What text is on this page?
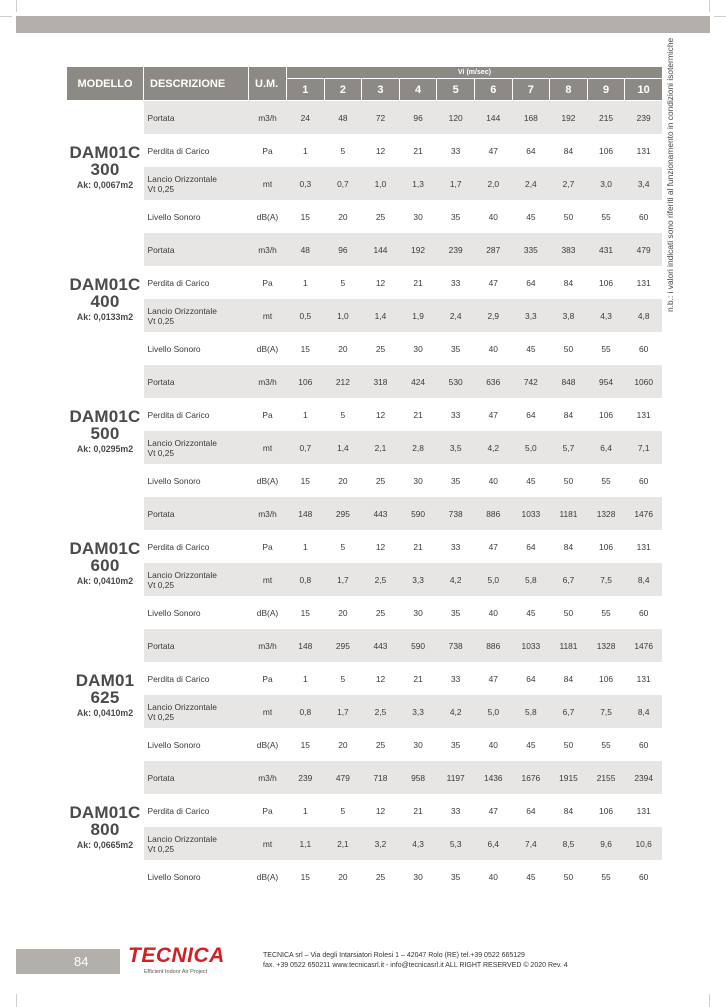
n.b.: i valori indicati sono riferiti al funzionamento in condizioni isotermiche
MODELLO	DESCRIZIONE	U.M.	Vi (m/sec)									
			1	2	3	4	5	6	7	8	9	10

DAM01C
300
Ak: 0,0067m2	Portata	m3/h	24	48	72	96	120	144	168	192	215	239

	Perdita di Carico	Pa	1	5	12	21	33	47	64	84	106	131

	Lancio Orizzontale
Vt 0,25	mt	0,3	0,7	1,0	1,3	1,7	2,0	2,4	2,7	3,0	3,4

	Livello Sonoro	dB(A)	15	20	25	30	35	40	45	50	55	60

DAM01C
400
Ak: 0,0133m2	Portata	m3/h	48	96	144	192	239	287	335	383	431	479

	Perdita di Carico	Pa	1	5	12	21	33	47	64	84	106	131

	Lancio Orizzontale
Vt 0,25	mt	0,5	1,0	1,4	1,9	2,4	2,9	3,3	3,8	4,3	4,8

	Livello Sonoro	dB(A)	15	20	25	30	35	40	45	50	55	60

DAM01C
500
Ak: 0,0295m2	Portata	m3/h	106	212	318	424	530	636	742	848	954	1060

	Perdita di Carico	Pa	1	5	12	21	33	47	64	84	106	131

	Lancio Orizzontale
Vt 0,25	mt	0,7	1,4	2,1	2,8	3,5	4,2	5,0	5,7	6,4	7,1

	Livello Sonoro	dB(A)	15	20	25	30	35	40	45	50	55	60

DAM01C
600
Ak: 0,0410m2	Portata	m3/h	148	295	443	590	738	886	1033	1181	1328	1476

	Perdita di Carico	Pa	1	5	12	21	33	47	64	84	106	131

	Lancio Orizzontale
Vt 0,25	mt	0,8	1,7	2,5	3,3	4,2	5,0	5,8	6,7	7,5	8,4

	Livello Sonoro	dB(A)	15	20	25	30	35	40	45	50	55	60

DAM01
625
Ak: 0,0410m2	Portata	m3/h	148	295	443	590	738	886	1033	1181	1328	1476

	Perdita di Carico	Pa	1	5	12	21	33	47	64	84	106	131

	Lancio Orizzontale
Vt 0,25	mt	0,8	1,7	2,5	3,3	4,2	5,0	5,8	6,7	7,5	8,4

	Livello Sonoro	dB(A)	15	20	25	30	35	40	45	50	55	60

DAM01C
800
Ak: 0,0665m2	Portata	m3/h	239	479	718	958	1197	1436	1676	1915	2155	2394

	Perdita di Carico	Pa	1	5	12	21	33	47	64	84	106	131

	Lancio Orizzontale
Vt 0,25	mt	1,1	2,1	3,2	4,3	5,3	6,4	7,4	8,5	9,6	10,6

	Livello Sonoro	dB(A)	15	20	25	30	35	40	45	50	55	60
84 TECNICA
Efficient Indoor Air Project
TECNICA srl – Via degli Intarsiatori Rolesi 1 – 42047 Rolo (RE) tel.+39 0522 665129
fax. +39 0522 650211 www.tecnicasrl.it - info@tecnicasrl.it ALL RIGHT RESERVED © 2020 Rev. 4
